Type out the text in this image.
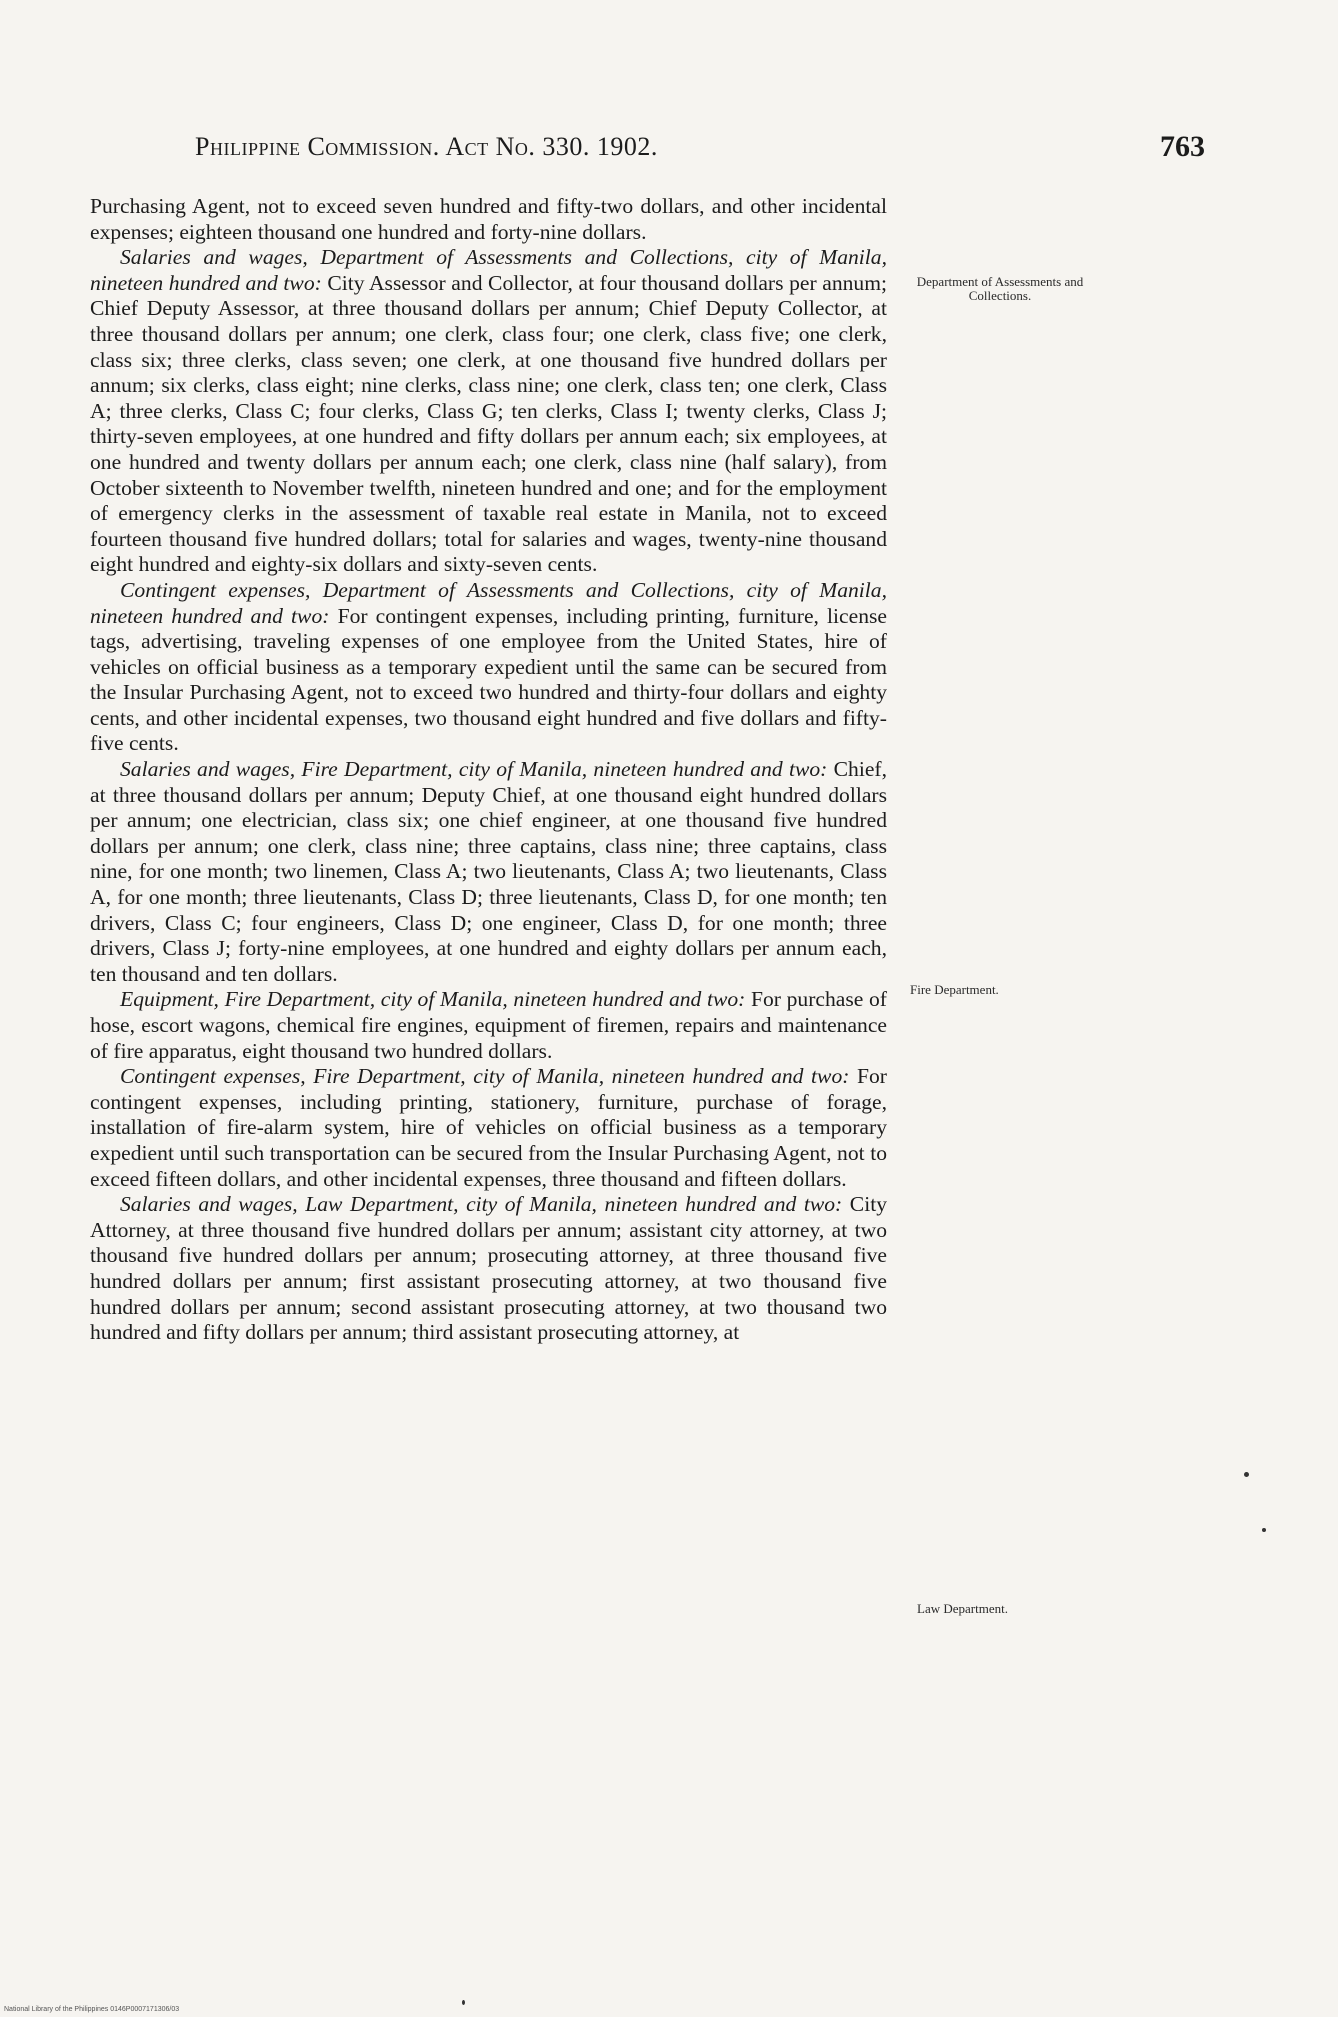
Philippine Commission. Act No. 330. 1902.	763

Purchasing Agent, not to exceed seven hundred and fifty-two dollars, and other incidental expenses; eighteen thousand one hundred and forty-nine dollars.

Salaries and wages, Department of Assessments and Collections, city of Manila, nineteen hundred and two: City Assessor and Collector, at four thousand dollars per annum; Chief Deputy Assessor, at three thousand dollars per annum; Chief Deputy Collector, at three thousand dollars per annum; one clerk, class four; one clerk, class five; one clerk, class six; three clerks, class seven; one clerk, at one thousand five hundred dollars per annum; six clerks, class eight; nine clerks, class nine; one clerk, class ten; one clerk, Class A; three clerks, Class C; four clerks, Class G; ten clerks, Class I; twenty clerks, Class J; thirty-seven employees, at one hundred and fifty dollars per annum each; six employees, at one hundred and twenty dollars per annum each; one clerk, class nine (half salary), from October sixteenth to November twelfth, nineteen hundred and one; and for the employment of emergency clerks in the assessment of taxable real estate in Manila, not to exceed fourteen thousand five hundred dollars; total for salaries and wages, twenty-nine thousand eight hundred and eighty-six dollars and sixty-seven cents.

Contingent expenses, Department of Assessments and Collections, city of Manila, nineteen hundred and two: For contingent expenses, including printing, furniture, license tags, advertising, traveling expenses of one employee from the United States, hire of vehicles on official business as a temporary expedient until the same can be secured from the Insular Purchasing Agent, not to exceed two hundred and thirty-four dollars and eighty cents, and other incidental expenses, two thousand eight hundred and five dollars and fifty-five cents.

Salaries and wages, Fire Department, city of Manila, nineteen hundred and two: Chief, at three thousand dollars per annum; Deputy Chief, at one thousand eight hundred dollars per annum; one electrician, class six; one chief engineer, at one thousand five hundred dollars per annum; one clerk, class nine; three captains, class nine; three captains, class nine, for one month; two linemen, Class A; two lieutenants, Class A; two lieutenants, Class A, for one month; three lieutenants, Class D; three lieutenants, Class D, for one month; ten drivers, Class C; four engineers, Class D; one engineer, Class D, for one month; three drivers, Class J; forty-nine employees, at one hundred and eighty dollars per annum each, ten thousand and ten dollars.

Equipment, Fire Department, city of Manila, nineteen hundred and two: For purchase of hose, escort wagons, chemical fire engines, equipment of firemen, repairs and maintenance of fire apparatus, eight thousand two hundred dollars.

Contingent expenses, Fire Department, city of Manila, nineteen hundred and two: For contingent expenses, including printing, stationery, furniture, purchase of forage, installation of fire-alarm system, hire of vehicles on official business as a temporary expedient until such transportation can be secured from the Insular Purchasing Agent, not to exceed fifteen dollars, and other incidental expenses, three thousand and fifteen dollars.

Salaries and wages, Law Department, city of Manila, nineteen hundred and two: City Attorney, at three thousand five hundred dollars per annum; assistant city attorney, at two thousand five hundred dollars per annum; prosecuting attorney, at three thousand five hundred dollars per annum; first assistant prosecuting attorney, at two thousand five hundred dollars per annum; second assistant prosecuting attorney, at two thousand two hundred and fifty dollars per annum; third assistant prosecuting attorney, at

Department of Assessments and Collections.
Fire Department.
Law Department.
National Library of the Philippines 0146P0007171306/03
